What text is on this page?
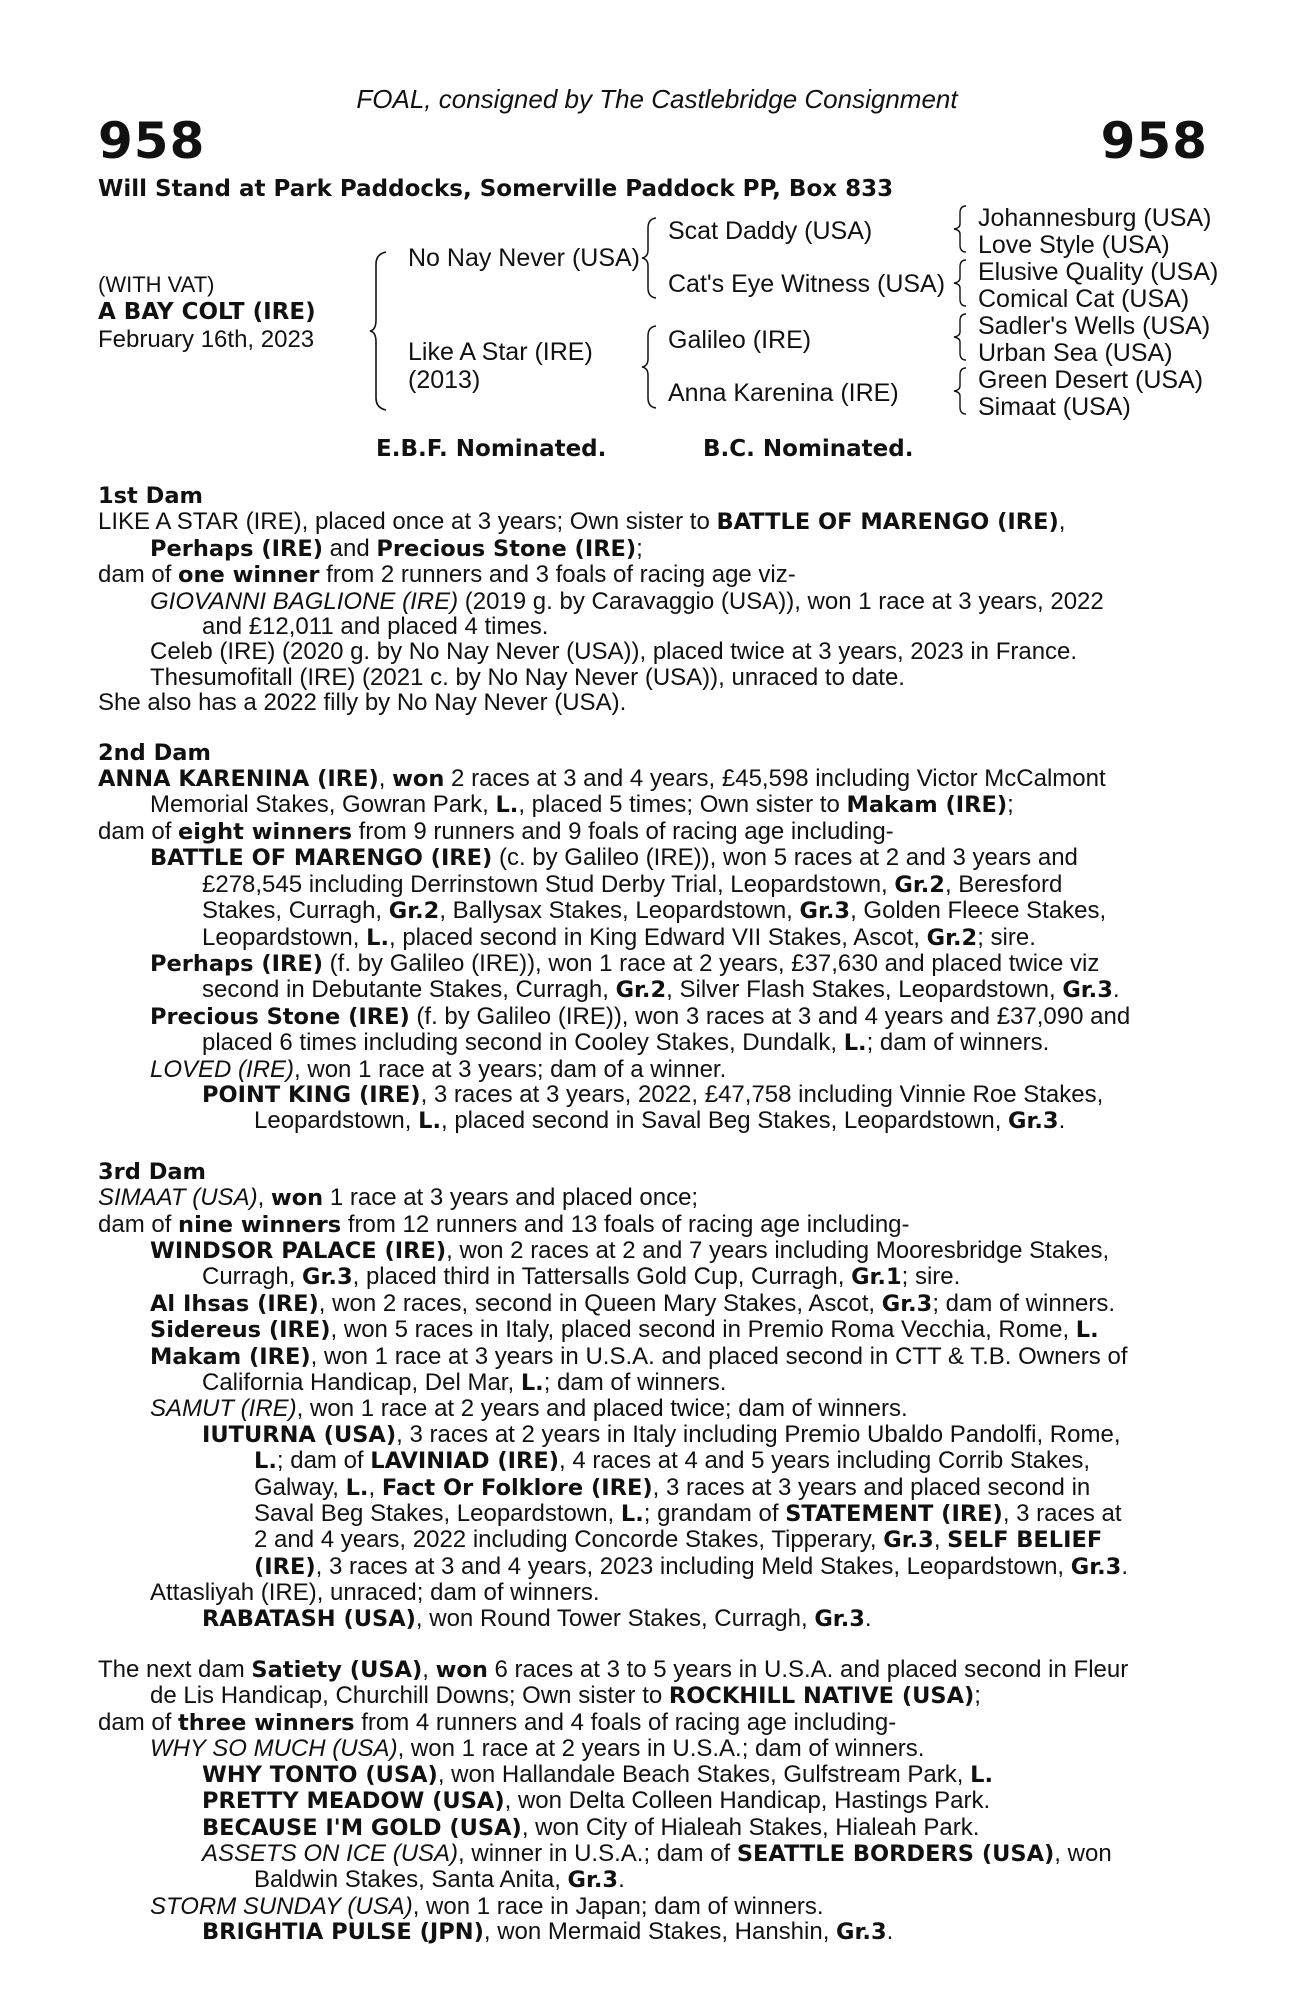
FOAL, consigned by The Castlebridge Consignment
958	958
Will Stand at Park Paddocks, Somerville Paddock PP, Box 833
(WITH VAT)
A BAY COLT (IRE)
February 16th, 2023
No Nay Never (USA)
Like A Star (IRE)
(2013)
Scat Daddy (USA)
Cat's Eye Witness (USA)
Galileo (IRE)
Anna Karenina (IRE)
Johannesburg (USA)
Love Style (USA)
Elusive Quality (USA)
Comical Cat (USA)
Sadler's Wells (USA)
Urban Sea (USA)
Green Desert (USA)
Simaat (USA)
E.B.F. Nominated.	B.C. Nominated.
1st Dam

LIKE A STAR (IRE), placed once at 3 years; Own sister to BATTLE OF MARENGO (IRE),

Perhaps (IRE) and Precious Stone (IRE);

dam of one winner from 2 runners and 3 foals of racing age viz-

GIOVANNI BAGLIONE (IRE) (2019 g. by Caravaggio (USA)), won 1 race at 3 years, 2022

and £12,011 and placed 4 times.

Celeb (IRE) (2020 g. by No Nay Never (USA)), placed twice at 3 years, 2023 in France.

Thesumofitall (IRE) (2021 c. by No Nay Never (USA)), unraced to date.

She also has a 2022 filly by No Nay Never (USA).

2nd Dam

ANNA KARENINA (IRE), won 2 races at 3 and 4 years, £45,598 including Victor McCalmont

Memorial Stakes, Gowran Park, L., placed 5 times; Own sister to Makam (IRE);

dam of eight winners from 9 runners and 9 foals of racing age including-

BATTLE OF MARENGO (IRE) (c. by Galileo (IRE)), won 5 races at 2 and 3 years and

£278,545 including Derrinstown Stud Derby Trial, Leopardstown, Gr.2, Beresford

Stakes, Curragh, Gr.2, Ballysax Stakes, Leopardstown, Gr.3, Golden Fleece Stakes,

Leopardstown, L., placed second in King Edward VII Stakes, Ascot, Gr.2; sire.

Perhaps (IRE) (f. by Galileo (IRE)), won 1 race at 2 years, £37,630 and placed twice viz

second in Debutante Stakes, Curragh, Gr.2, Silver Flash Stakes, Leopardstown, Gr.3.

Precious Stone (IRE) (f. by Galileo (IRE)), won 3 races at 3 and 4 years and £37,090 and

placed 6 times including second in Cooley Stakes, Dundalk, L.; dam of winners.

LOVED (IRE), won 1 race at 3 years; dam of a winner.

POINT KING (IRE), 3 races at 3 years, 2022, £47,758 including Vinnie Roe Stakes,

Leopardstown, L., placed second in Saval Beg Stakes, Leopardstown, Gr.3.

3rd Dam

SIMAAT (USA), won 1 race at 3 years and placed once;

dam of nine winners from 12 runners and 13 foals of racing age including-

WINDSOR PALACE (IRE), won 2 races at 2 and 7 years including Mooresbridge Stakes,

Curragh, Gr.3, placed third in Tattersalls Gold Cup, Curragh, Gr.1; sire.

Al Ihsas (IRE), won 2 races, second in Queen Mary Stakes, Ascot, Gr.3; dam of winners.

Sidereus (IRE), won 5 races in Italy, placed second in Premio Roma Vecchia, Rome, L.

Makam (IRE), won 1 race at 3 years in U.S.A. and placed second in CTT & T.B. Owners of

California Handicap, Del Mar, L.; dam of winners.

SAMUT (IRE), won 1 race at 2 years and placed twice; dam of winners.

IUTURNA (USA), 3 races at 2 years in Italy including Premio Ubaldo Pandolfi, Rome,

L.; dam of LAVINIAD (IRE), 4 races at 4 and 5 years including Corrib Stakes,

Galway, L., Fact Or Folklore (IRE), 3 races at 3 years and placed second in

Saval Beg Stakes, Leopardstown, L.; grandam of STATEMENT (IRE), 3 races at

2 and 4 years, 2022 including Concorde Stakes, Tipperary, Gr.3, SELF BELIEF

(IRE), 3 races at 3 and 4 years, 2023 including Meld Stakes, Leopardstown, Gr.3.

Attasliyah (IRE), unraced; dam of winners.

RABATASH (USA), won Round Tower Stakes, Curragh, Gr.3.

The next dam Satiety (USA), won 6 races at 3 to 5 years in U.S.A. and placed second in Fleur

de Lis Handicap, Churchill Downs; Own sister to ROCKHILL NATIVE (USA);

dam of three winners from 4 runners and 4 foals of racing age including-

WHY SO MUCH (USA), won 1 race at 2 years in U.S.A.; dam of winners.

WHY TONTO (USA), won Hallandale Beach Stakes, Gulfstream Park, L.

PRETTY MEADOW (USA), won Delta Colleen Handicap, Hastings Park.

BECAUSE I'M GOLD (USA), won City of Hialeah Stakes, Hialeah Park.

ASSETS ON ICE (USA), winner in U.S.A.; dam of SEATTLE BORDERS (USA), won

Baldwin Stakes, Santa Anita, Gr.3.

STORM SUNDAY (USA), won 1 race in Japan; dam of winners.

BRIGHTIA PULSE (JPN), won Mermaid Stakes, Hanshin, Gr.3.
